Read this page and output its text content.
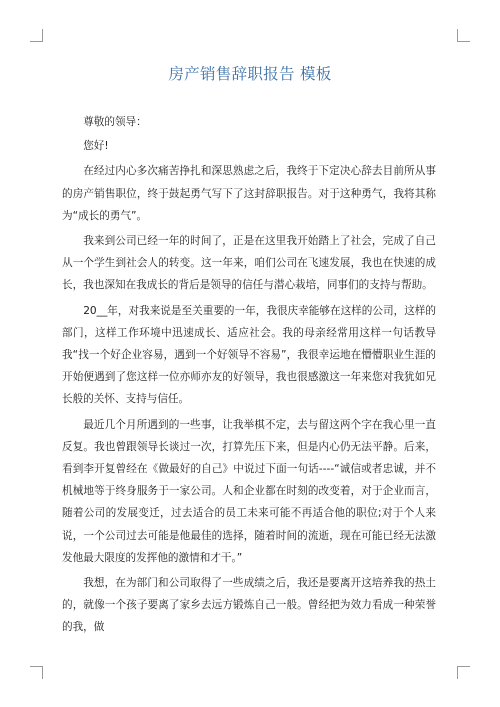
房产销售辞职报告 模板

尊敬的领导：

您好!

在经过内心多次痛苦挣扎和深思熟虑之后，我终于下定决心辞去目前所从事的房产销售职位，终于鼓起勇气写下了这封辞职报告。对于这种勇气，我将其称为“成长的勇气”。

我来到公司已经一年的时间了，正是在这里我开始踏上了社会，完成了自己从一个学生到社会人的转变。这一年来，咱们公司在飞速发展，我也在快速的成长，我也深知在我成长的背后是领导的信任与潜心栽培，同事们的支持与帮助。

20__年，对我来说是至关重要的一年，我很庆幸能够在这样的公司，这样的部门，这样工作环境中迅速成长、适应社会。我的母亲经常用这样一句话教导我“找一个好企业容易，遇到一个好领导不容易”，我很幸运地在懵懵职业生涯的开始便遇到了您这样一位亦师亦友的好领导，我也很感激这一年来您对我犹如兄长般的关怀、支持与信任。

最近几个月所遇到的一些事，让我举棋不定，去与留这两个字在我心里一直反复。我也曾跟领导长谈过一次，打算先压下来，但是内心仍无法平静。后来，看到李开复曾经在《做最好的自己》中说过下面一句话----“诚信或者忠诚，并不机械地等于终身服务于一家公司。人和企业都在时刻的改变着，对于企业而言，随着公司的发展变迁，过去适合的员工未来可能不再适合他的职位;对于个人来说，一个公司过去可能是他最佳的选择，随着时间的流逝，现在可能已经无法激发他最大限度的发挥他的激情和才干。”

我想，在为部门和公司取得了一些成绩之后，我还是要离开这培养我的热土的，就像一个孩子要离了家乡去远方锻炼自己一般。曾经把为效力看成一种荣誉的我，做
